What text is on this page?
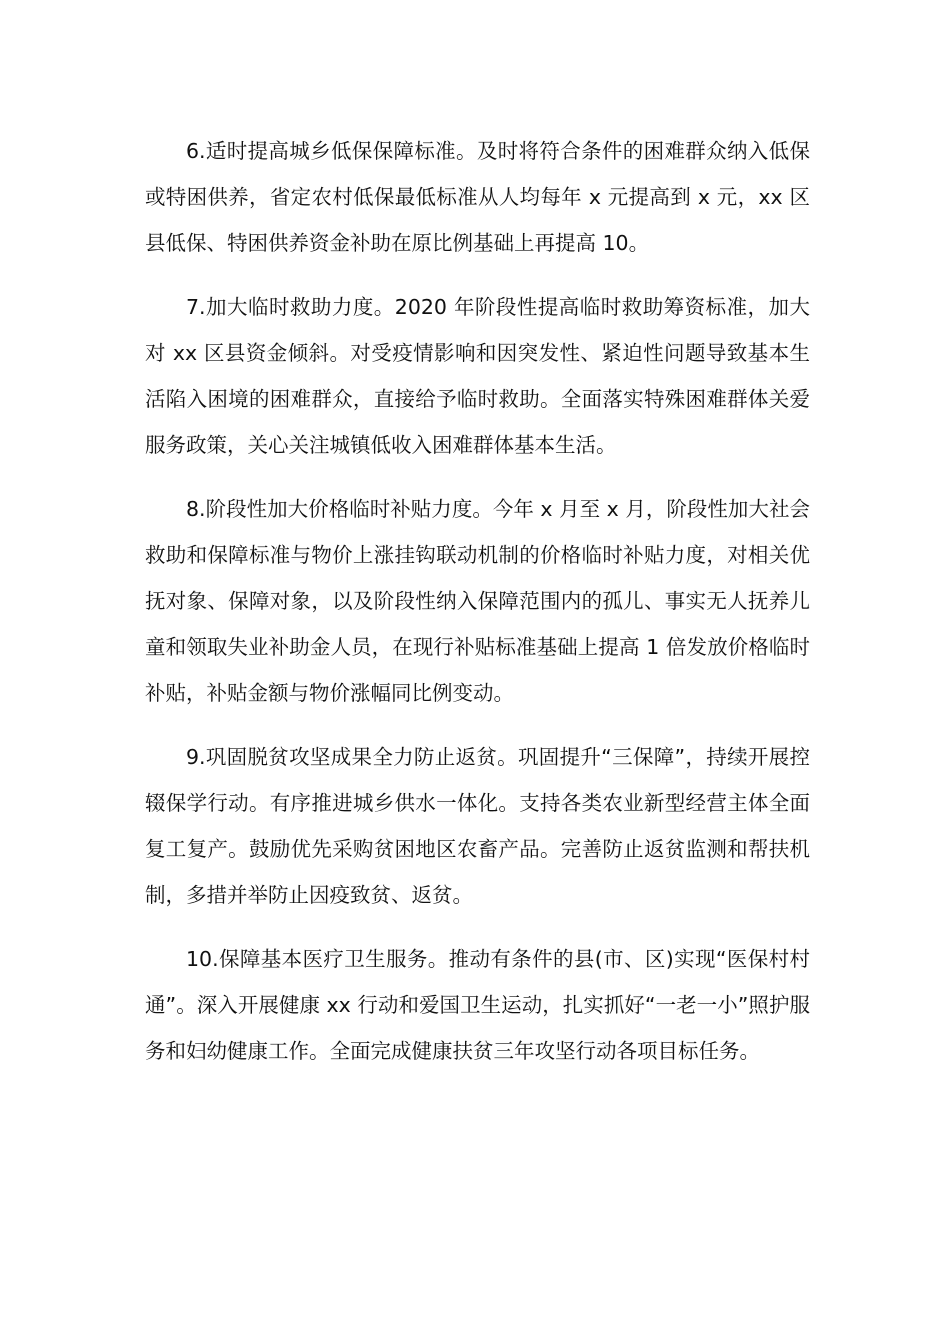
6.适时提高城乡低保保障标准。及时将符合条件的困难群众纳入低保或特困供养，省定农村低保最低标准从人均每年 x 元提高到 x 元，xx 区县低保、特困供养资金补助在原比例基础上再提高 10。

7.加大临时救助力度。2020 年阶段性提高临时救助筹资标准，加大对 xx 区县资金倾斜。对受疫情影响和因突发性、紧迫性问题导致基本生活陷入困境的困难群众，直接给予临时救助。全面落实特殊困难群体关爱服务政策，关心关注城镇低收入困难群体基本生活。

8.阶段性加大价格临时补贴力度。今年 x 月至 x 月，阶段性加大社会救助和保障标准与物价上涨挂钩联动机制的价格临时补贴力度，对相关优抚对象、保障对象，以及阶段性纳入保障范围内的孤儿、事实无人抚养儿童和领取失业补助金人员，在现行补贴标准基础上提高 1 倍发放价格临时补贴，补贴金额与物价涨幅同比例变动。

9.巩固脱贫攻坚成果全力防止返贫。巩固提升“三保障”，持续开展控辍保学行动。有序推进城乡供水一体化。支持各类农业新型经营主体全面复工复产。鼓励优先采购贫困地区农畜产品。完善防止返贫监测和帮扶机制，多措并举防止因疫致贫、返贫。

10.保障基本医疗卫生服务。推动有条件的县(市、区)实现“医保村村通”。深入开展健康 xx 行动和爱国卫生运动，扎实抓好“一老一小”照护服务和妇幼健康工作。全面完成健康扶贫三年攻坚行动各项目标任务。
